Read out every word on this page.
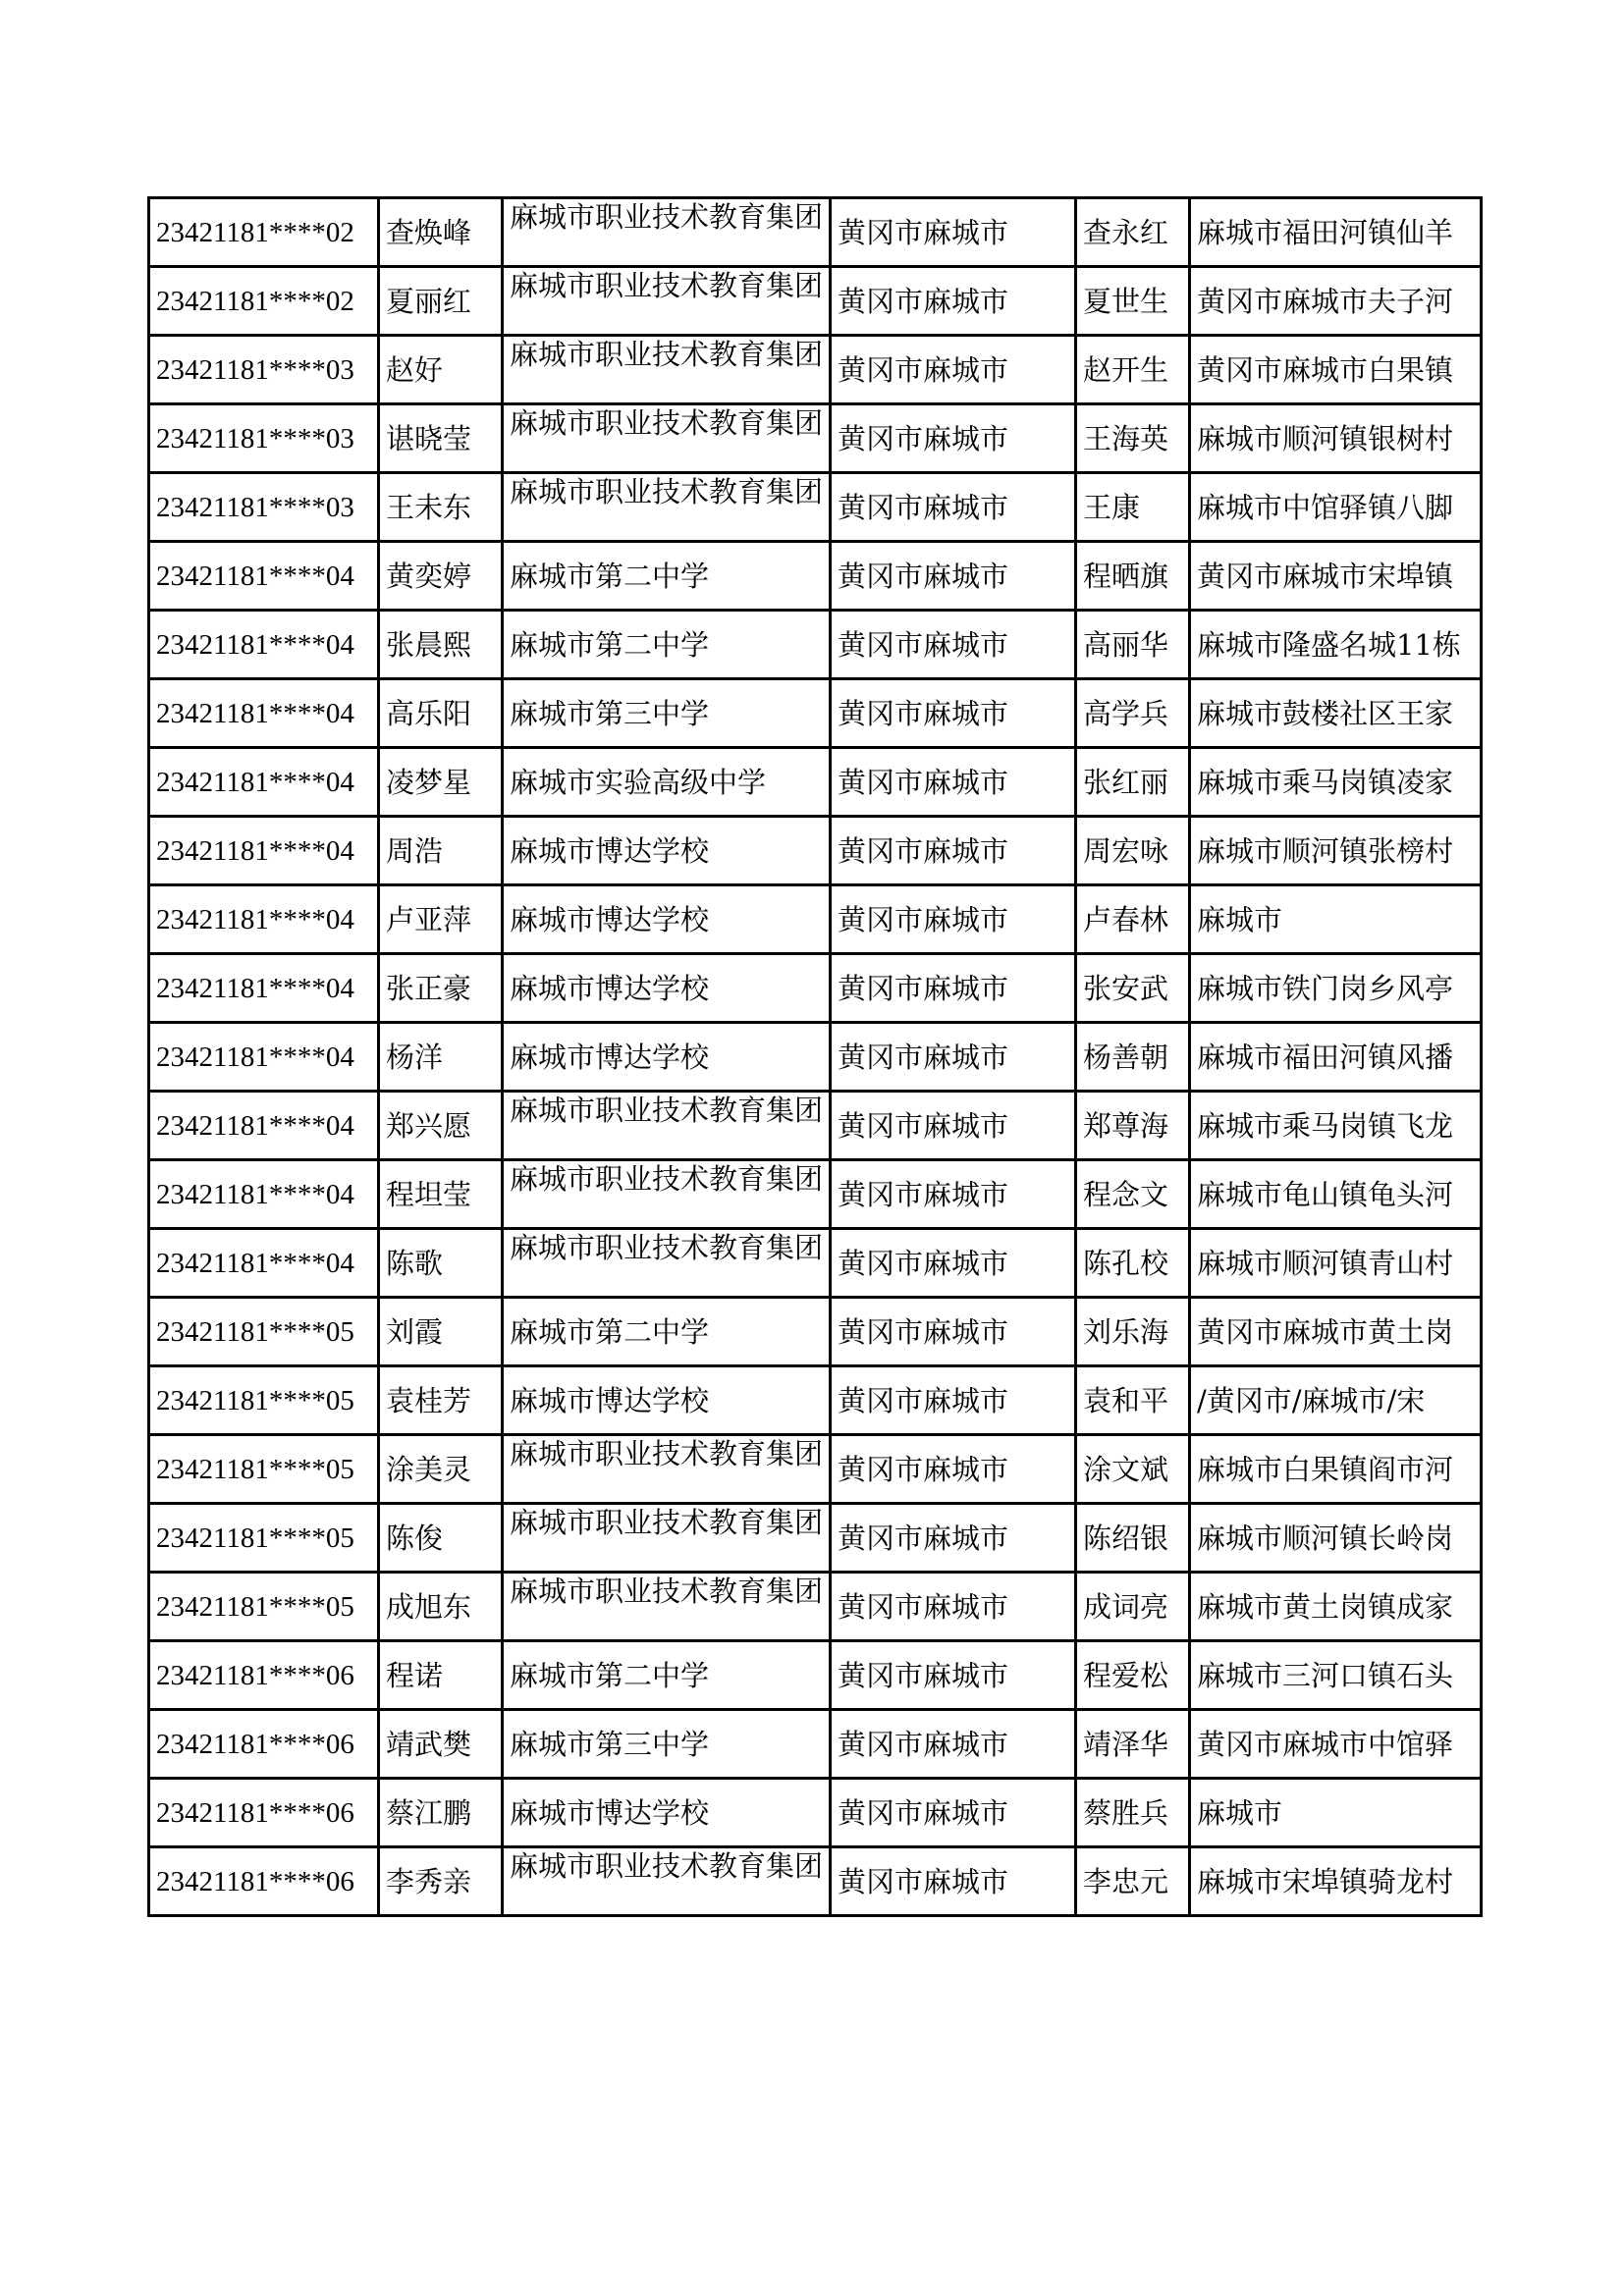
23421181****02	查焕峰	麻城市职业技术教育集团	黄冈市麻城市	查永红	麻城市福田河镇仙羊
23421181****02	夏丽红	麻城市职业技术教育集团	黄冈市麻城市	夏世生	黄冈市麻城市夫子河
23421181****03	赵好	麻城市职业技术教育集团	黄冈市麻城市	赵开生	黄冈市麻城市白果镇
23421181****03	谌晓莹	麻城市职业技术教育集团	黄冈市麻城市	王海英	麻城市顺河镇银树村
23421181****03	王未东	麻城市职业技术教育集团	黄冈市麻城市	王康	麻城市中馆驿镇八脚
23421181****04	黄奕婷	麻城市第二中学	黄冈市麻城市	程晒旗	黄冈市麻城市宋埠镇
23421181****04	张晨熙	麻城市第二中学	黄冈市麻城市	高丽华	麻城市隆盛名城11栋
23421181****04	高乐阳	麻城市第三中学	黄冈市麻城市	高学兵	麻城市鼓楼社区王家
23421181****04	凌梦星	麻城市实验高级中学	黄冈市麻城市	张红丽	麻城市乘马岗镇凌家
23421181****04	周浩	麻城市博达学校	黄冈市麻城市	周宏咏	麻城市顺河镇张榜村
23421181****04	卢亚萍	麻城市博达学校	黄冈市麻城市	卢春林	麻城市
23421181****04	张正豪	麻城市博达学校	黄冈市麻城市	张安武	麻城市铁门岗乡风亭
23421181****04	杨洋	麻城市博达学校	黄冈市麻城市	杨善朝	麻城市福田河镇风播
23421181****04	郑兴愿	麻城市职业技术教育集团	黄冈市麻城市	郑尊海	麻城市乘马岗镇飞龙
23421181****04	程坦莹	麻城市职业技术教育集团	黄冈市麻城市	程念文	麻城市龟山镇龟头河
23421181****04	陈歌	麻城市职业技术教育集团	黄冈市麻城市	陈孔校	麻城市顺河镇青山村
23421181****05	刘霞	麻城市第二中学	黄冈市麻城市	刘乐海	黄冈市麻城市黄土岗
23421181****05	袁桂芳	麻城市博达学校	黄冈市麻城市	袁和平	/黄冈市/麻城市/宋
23421181****05	涂美灵	麻城市职业技术教育集团	黄冈市麻城市	涂文斌	麻城市白果镇阎市河
23421181****05	陈俊	麻城市职业技术教育集团	黄冈市麻城市	陈绍银	麻城市顺河镇长岭岗
23421181****05	成旭东	麻城市职业技术教育集团	黄冈市麻城市	成词亮	麻城市黄土岗镇成家
23421181****06	程诺	麻城市第二中学	黄冈市麻城市	程爱松	麻城市三河口镇石头
23421181****06	靖武樊	麻城市第三中学	黄冈市麻城市	靖泽华	黄冈市麻城市中馆驿
23421181****06	蔡江鹏	麻城市博达学校	黄冈市麻城市	蔡胜兵	麻城市
23421181****06	李秀亲	麻城市职业技术教育集团	黄冈市麻城市	李忠元	麻城市宋埠镇骑龙村
